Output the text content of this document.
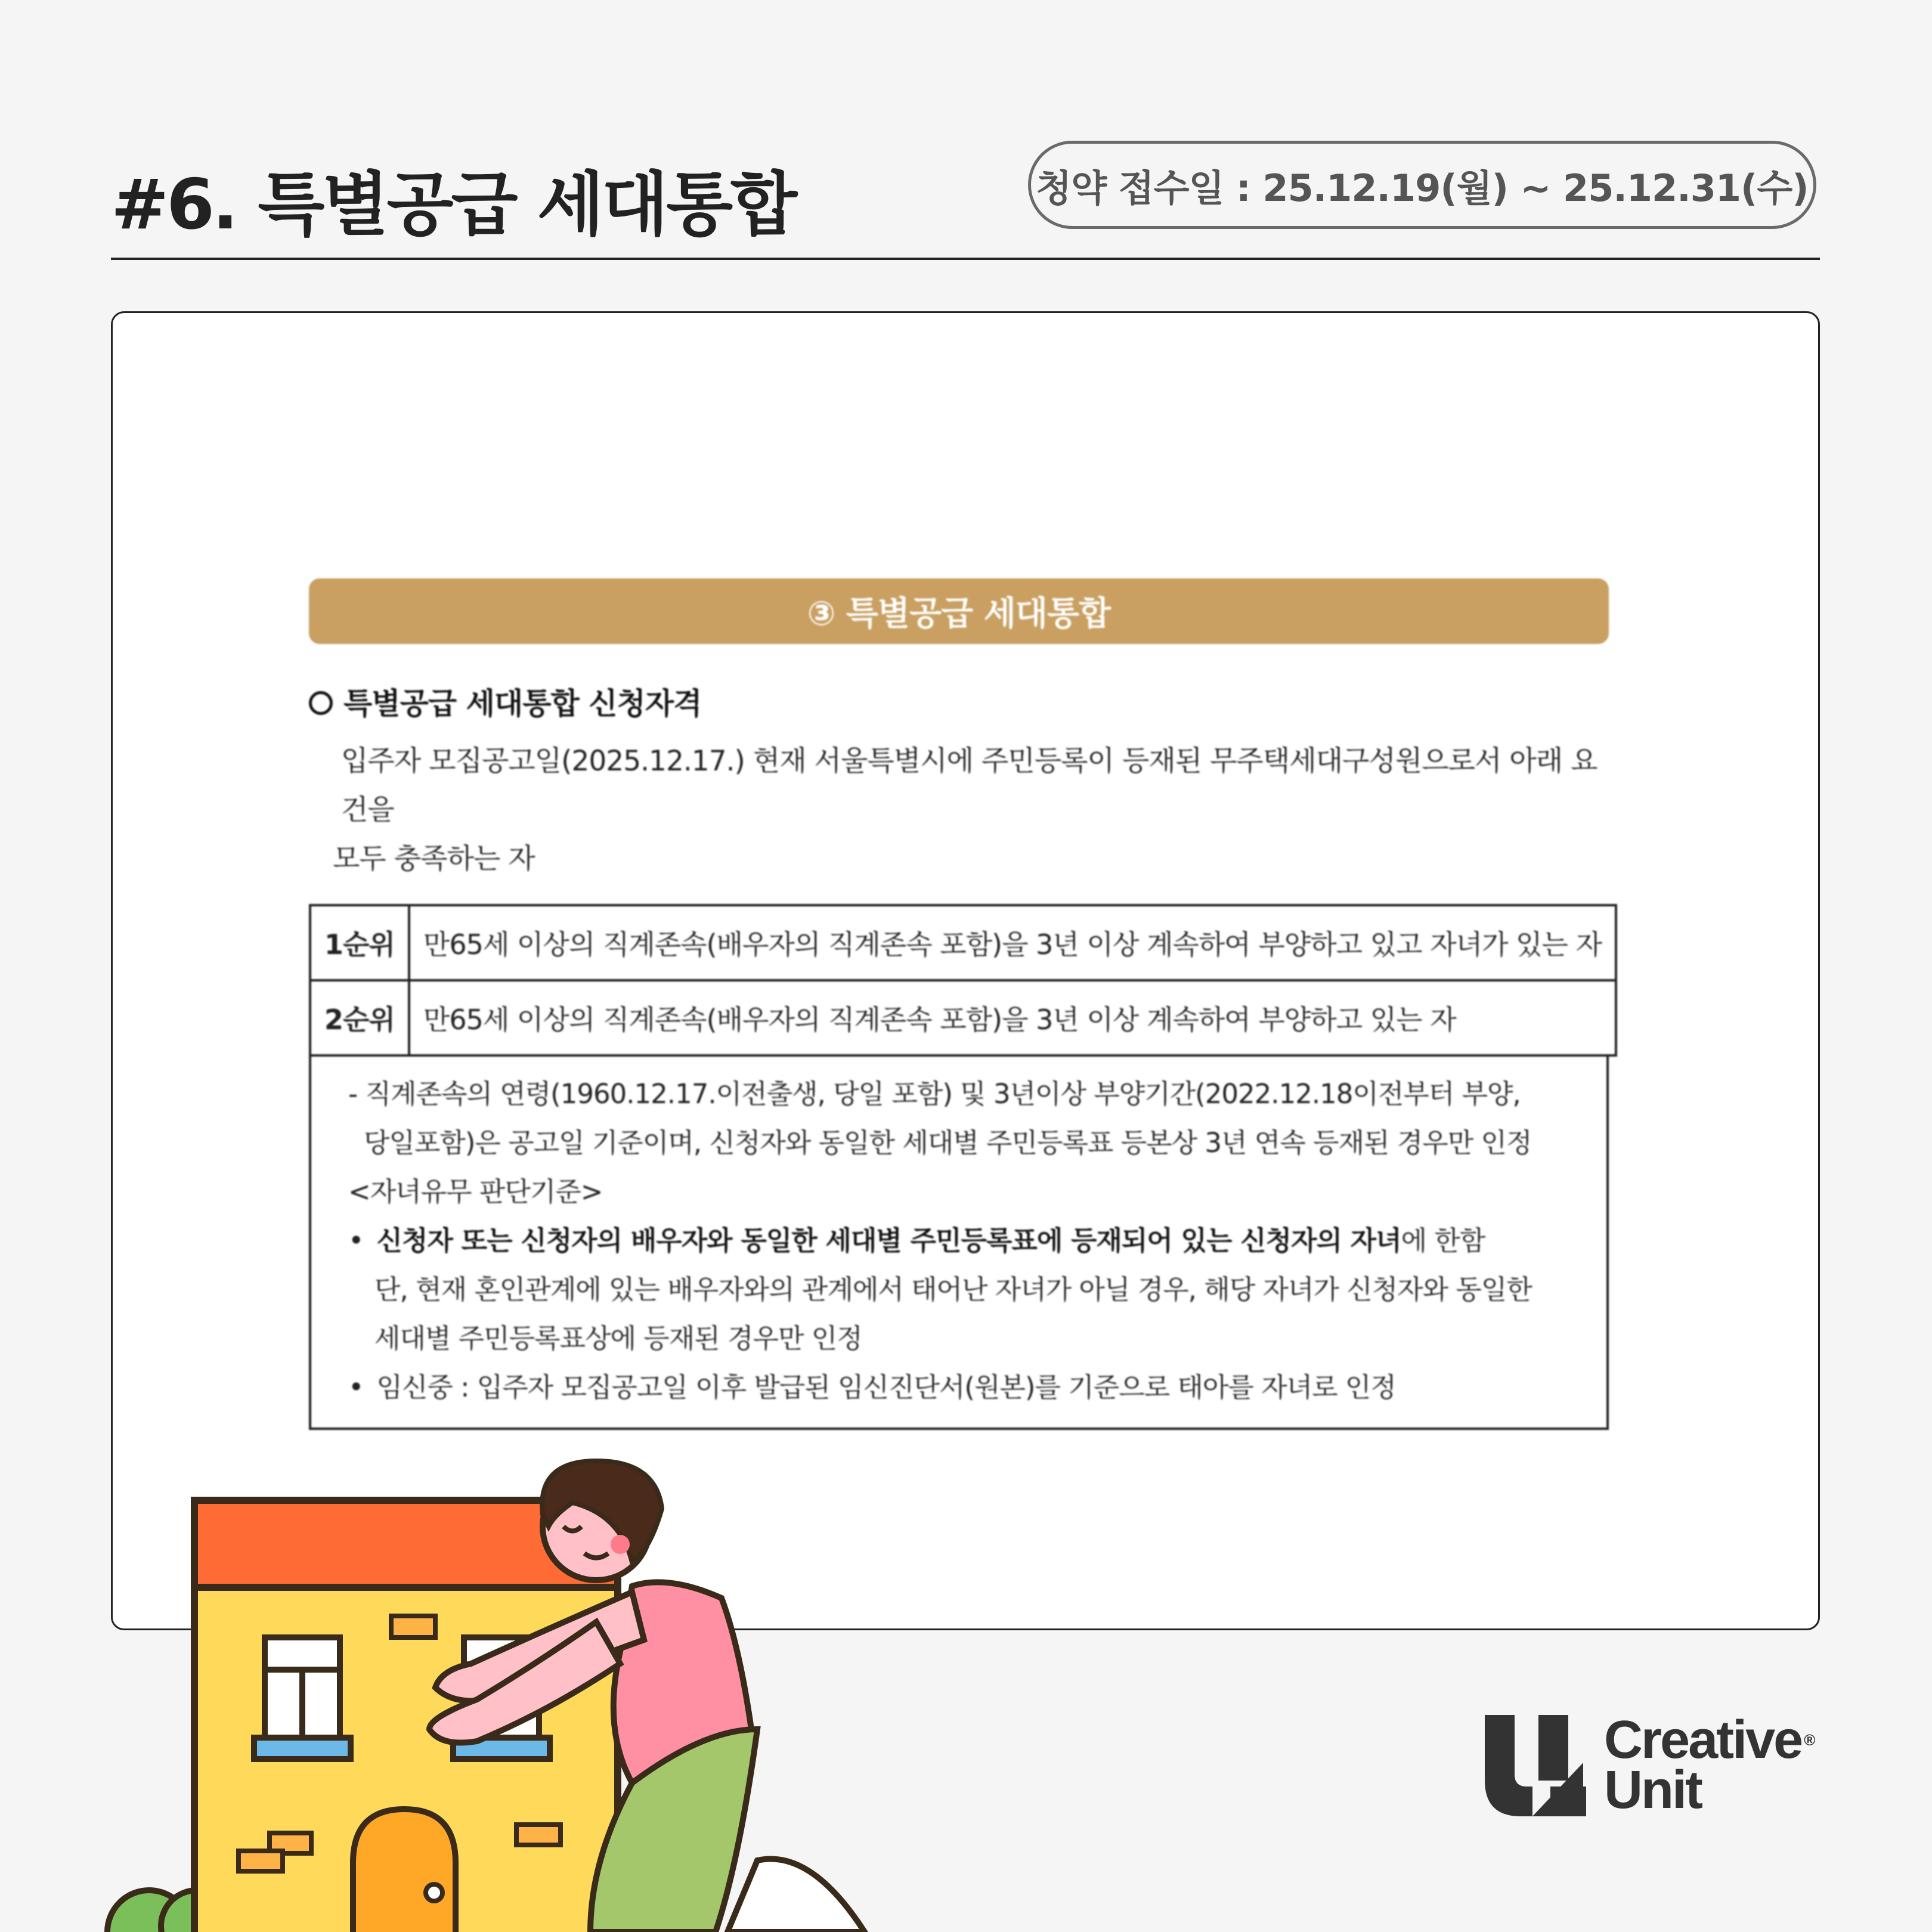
#6. 특별공급 세대통합	청약 접수일 : 25.12.19(월) ~ 25.12.31(수)
③ 특별공급 세대통합
특별공급 세대통합 신청자격
입주자 모집공고일(2025.12.17.) 현재 서울특별시에 주민등록이 등재된 무주택세대구성원으로서 아래 요건을
모두 충족하는 자
1순위	만65세 이상의 직계존속(배우자의 직계존속 포함)을 3년 이상 계속하여 부양하고 있고 자녀가 있는 자
2순위	만65세 이상의 직계존속(배우자의 직계존속 포함)을 3년 이상 계속하여 부양하고 있는 자
- 직계존속의 연령(1960.12.17.이전출생, 당일 포함) 및 3년이상 부양기간(2022.12.18이전부터 부양,
당일포함)은 공고일 기준이며, 신청자와 동일한 세대별 주민등록표 등본상 3년 연속 등재된 경우만 인정
<자녀유무 판단기준>
• 신청자 또는 신청자의 배우자와 동일한 세대별 주민등록표에 등재되어 있는 신청자의 자녀에 한함
단, 현재 혼인관계에 있는 배우자와의 관계에서 태어난 자녀가 아닐 경우, 해당 자녀가 신청자와 동일한
세대별 주민등록표상에 등재된 경우만 인정
• 임신중 : 입주자 모집공고일 이후 발급된 임신진단서(원본)를 기준으로 태아를 자녀로 인정
Creative ®
Unit
